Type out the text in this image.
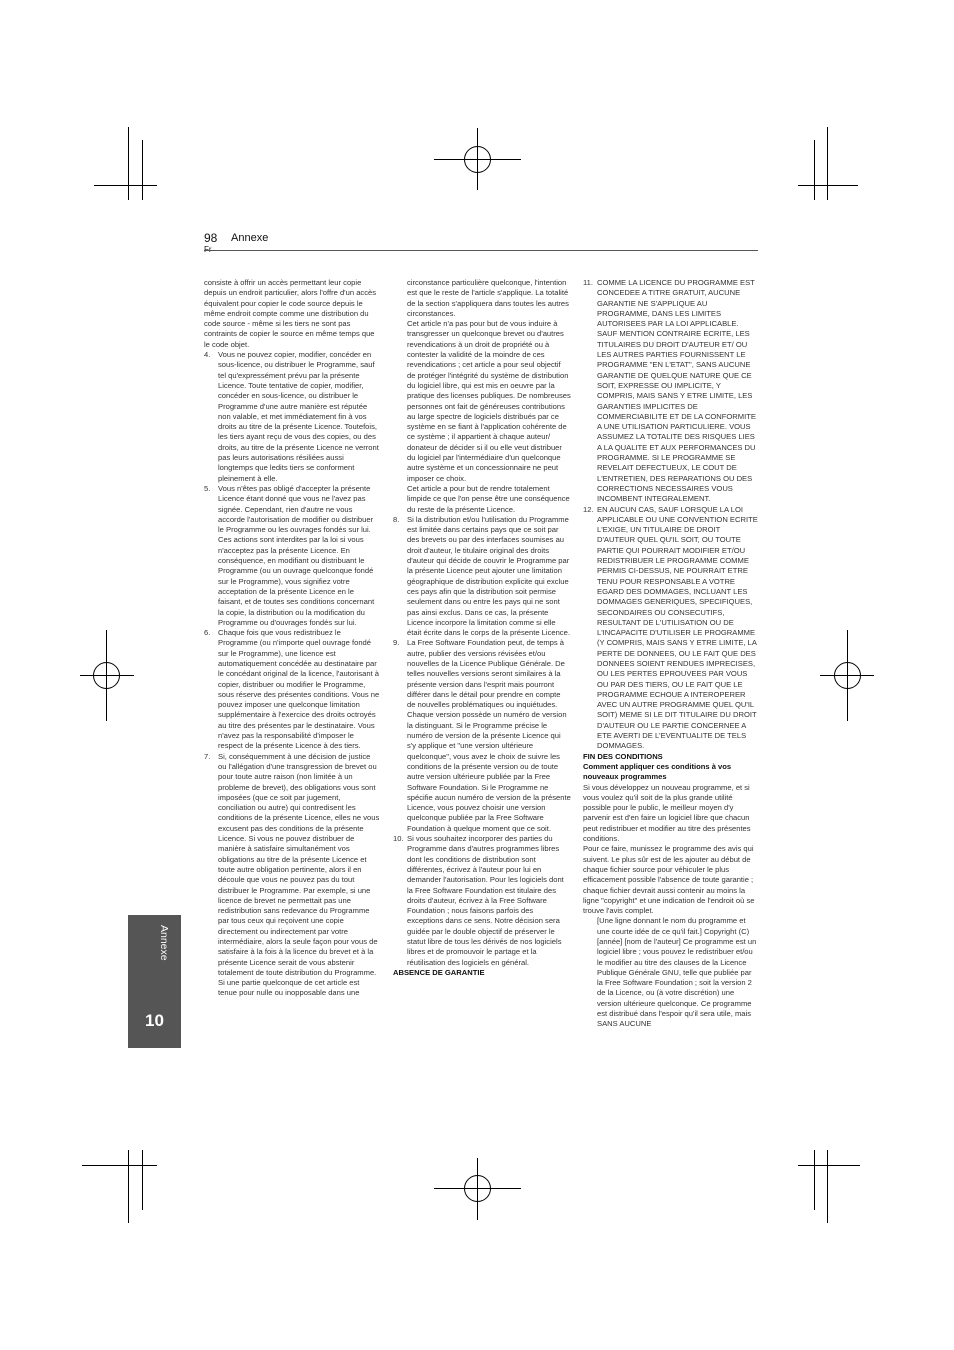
98 Annexe
10
Annexe

consiste à offrir un accès permettant leur copie depuis un endroit particulier, alors l'offre d'un accès équivalent pour copier le code source depuis le même endroit compte comme une distribution du code source - même si les tiers ne sont pas contraints de copier le source en même temps que le code objet.

4.	Vous ne pouvez copier, modifier, concéder en sous-licence, ou distribuer le Programme, sauf tel qu'expressément prévu par la présente Licence. Toute tentative de copier, modifier, concéder en sous-licence, ou distribuer le Programme d'une autre manière est réputée non valable, et met immédiatement fin à vos droits au titre de la présente Licence. Toutefois, les tiers ayant reçu de vous des copies, ou des droits, au titre de la présente Licence ne verront pas leurs autorisations résiliées aussi longtemps que ledits tiers se conforment pleinement à elle.
5.	Vous n'êtes pas obligé d'accepter la présente Licence étant donné que vous ne l'avez pas signée. Cependant, rien d'autre ne vous accorde l'autorisation de modifier ou distribuer le Programme ou les ouvrages fondés sur lui. Ces actions sont interdites par la loi si vous n'acceptez pas la présente Licence. En conséquence, en modifiant ou distribuant le Programme (ou un ouvrage quelconque fondé sur le Programme), vous signifiez votre acceptation de la présente Licence en le faisant, et de toutes ses conditions concernant la copie, la distribution ou la modification du Programme ou d'ouvrages fondés sur lui.
6.	Chaque fois que vous redistribuez le Programme (ou n'importe quel ouvrage fondé sur le Programme), une licence est automatiquement concédée au destinataire par le concédant original de la licence, l'autorisant à copier, distribuer ou modifier le Programme, sous réserve des présentes conditions. Vous ne pouvez imposer une quelconque limitation supplémentaire à l'exercice des droits octroyés au titre des présentes par le destinataire. Vous n'avez pas la responsabilité d'imposer le respect de la présente Licence à des tiers.
7.	Si, conséquemment à une décision de justice ou l'allégation d'une transgression de brevet ou pour toute autre raison (non limitée à un probleme de brevet), des obligations vous sont imposées (que ce soit par jugement, conciliation ou autre) qui contredisent les conditions de la présente Licence, elles ne vous excusent pas des conditions de la présente Licence. Si vous ne pouvez distribuer de manière à satisfaire simultanément vos obligations au titre de la présente Licence et toute autre obligation pertinente, alors il en découle que vous ne pouvez pas du tout distribuer le Programme. Par exemple, si une licence de brevet ne permettait pas une redistribution sans redevance du Programme par tous ceux qui reçoivent une copie directement ou indirectement par votre intermédiaire, alors la seule façon pour vous de satisfaire à la fois à la licence du brevet et à la présente Licence serait de vous abstenir totalement de toute distribution du Programme.

Si une partie quelconque de cet article est tenue pour nulle ou inopposable dans une

circonstance particulière quelconque, l'intention est que le reste de l'article s'applique. La totalité de la section s'appliquera dans toutes les autres circonstances.

Cet article n'a pas pour but de vous induire à transgresser un quelconque brevet ou d'autres revendications à un droit de propriété ou à contester la validité de la moindre de ces revendications ; cet article a pour seul objectif de protéger l'intégrité du système de distribution du logiciel libre, qui est mis en oeuvre par la pratique des licenses publiques. De nombreuses personnes ont fait de généreuses contributions au large spectre de logiciels distribués par ce système en se fiant à l'application cohérente de ce système ; il appartient à chaque auteur/ donateur de décider si il ou elle veut distribuer du logiciel par l'intermédiaire d'un quelconque autre système et un concessionnaire ne peut imposer ce choix.

Cet article a pour but de rendre totalement limpide ce que l'on pense être une conséquence du reste de la présente Licence.

8.	Si la distribution et/ou l'utilisation du Programme est limitée dans certains pays que ce soit par des brevets ou par des interfaces soumises au droit d'auteur, le titulaire original des droits d'auteur qui décide de couvrir le Programme par la présente Licence peut ajouter une limitation géographique de distribution explicite qui exclue ces pays afin que la distribution soit permise seulement dans ou entre les pays qui ne sont pas ainsi exclus. Dans ce cas, la présente Licence incorpore la limitation comme si elle était écrite dans le corps de la présente Licence.
9.	La Free Software Foundation peut, de temps à autre, publier des versions révisées et/ou nouvelles de la Licence Publique Générale. De telles nouvelles versions seront similaires à la présente version dans l'esprit mais pourront différer dans le détail pour prendre en compte de nouvelles problématiques ou inquiétudes. Chaque version possède un numéro de version la distinguant. Si le Programme précise le numéro de version de la présente Licence qui s'y applique et "une version ultérieure quelconque", vous avez le choix de suivre les conditions de la présente version ou de toute autre version ultérieure publiée par la Free Software Foundation. Si le Programme ne spécifie aucun numéro de version de la présente Licence, vous pouvez choisir une version quelconque publiée par la Free Software Foundation à quelque moment que ce soit.
10. Si vous souhaitez incorporer des parties du Programme dans d'autres programmes libres dont les conditions de distribution sont différentes, écrivez à l'auteur pour lui en demander l'autorisation. Pour les logiciels dont la Free Software Foundation est titulaire des droits d'auteur, écrivez à la Free Software Foundation ; nous faisons parfois des exceptions dans ce sens. Notre décision sera guidée par le double objectif de préserver le statut libre de tous les dérivés de nos logiciels libres et de promouvoir le partage et la réutilisation des logiciels en général.

ABSENCE DE GARANTIE

11. COMME LA LICENCE DU PROGRAMME EST CONCEDEE A TITRE GRATUIT, AUCUNE GARANTIE NE S'APPLIQUE AU PROGRAMME, DANS LES LIMITES AUTORISEES PAR LA LOI APPLICABLE. SAUF MENTION CONTRAIRE ECRITE, LES TITULAIRES DU DROIT D'AUTEUR ET/ OU LES AUTRES PARTIES FOURNISSENT LE PROGRAMME "EN L'ETAT", SANS AUCUNE GARANTIE DE QUELQUE NATURE QUE CE SOIT, EXPRESSE OU IMPLICITE, Y COMPRIS, MAIS SANS Y ETRE LIMITE, LES GARANTIES IMPLICITES DE COMMERCIABILITE ET DE LA CONFORMITE A UNE UTILISATION PARTICULIERE. VOUS ASSUMEZ LA TOTALITE DES RISQUES LIES A LA QUALITE ET AUX PERFORMANCES DU PROGRAMME. SI LE PROGRAMME SE REVELAIT DEFECTUEUX, LE COUT DE L'ENTRETIEN, DES REPARATIONS OU DES CORRECTIONS NECESSAIRES VOUS INCOMBENT INTEGRALEMENT.
12. EN AUCUN CAS, SAUF LORSQUE LA LOI APPLICABLE OU UNE CONVENTION ECRITE L'EXIGE, UN TITULAIRE DE DROIT D'AUTEUR QUEL QU'IL SOIT, OU TOUTE PARTIE QUI POURRAIT MODIFIER ET/OU REDISTRIBUER LE PROGRAMME COMME PERMIS CI-DESSUS, NE POURRAIT ETRE TENU POUR RESPONSABLE A VOTRE EGARD DES DOMMAGES, INCLUANT LES DOMMAGES GENERIQUES, SPECIFIQUES, SECONDAIRES OU CONSECUTIFS, RESULTANT DE L'UTILISATION OU DE L'INCAPACITE D'UTILISER LE PROGRAMME (Y COMPRIS, MAIS SANS Y ETRE LIMITE, LA PERTE DE DONNEES, OU LE FAIT QUE DES DONNEES SOIENT RENDUES IMPRECISES, OU LES PERTES EPROUVEES PAR VOUS OU PAR DES TIERS, OU LE FAIT QUE LE PROGRAMME ECHOUE A INTEROPERER AVEC UN AUTRE PROGRAMME QUEL QU'IL SOIT) MEME SI LE DIT TITULAIRE DU DROIT D'AUTEUR OU LE PARTIE CONCERNEE A ETE AVERTI DE L'EVENTUALITE DE TELS DOMMAGES.

FIN DES CONDITIONS

Comment appliquer ces conditions à vos nouveaux programmes

Si vous développez un nouveau programme, et si vous voulez qu'il soit de la plus grande utilité possible pour le public, le meilleur moyen d'y parvenir est d'en faire un logiciel libre que chacun peut redistribuer et modifier au titre des présentes conditions.

Pour ce faire, munissez le programme des avis qui suivent. Le plus sûr est de les ajouter au début de chaque fichier source pour véhiculer le plus efficacement possible l'absence de toute garantie ; chaque fichier devrait aussi contenir au moins la ligne "copyright" et une indication de l'endroit où se trouve l'avis complet.

[Une ligne donnant le nom du programme et une courte idée de ce qu'il fait.] Copyright (C) [année] [nom de l'auteur] Ce programme est un logiciel libre ; vous pouvez le redistribuer et/ou le modifier au titre des clauses de la Licence Publique Générale GNU, telle que publiée par la Free Software Foundation ; soit la version 2 de la Licence, ou (à votre discrétion) une version ultérieure quelconque. Ce programme est distribué dans l'espoir qu'il sera utile, mais SANS AUCUNE
